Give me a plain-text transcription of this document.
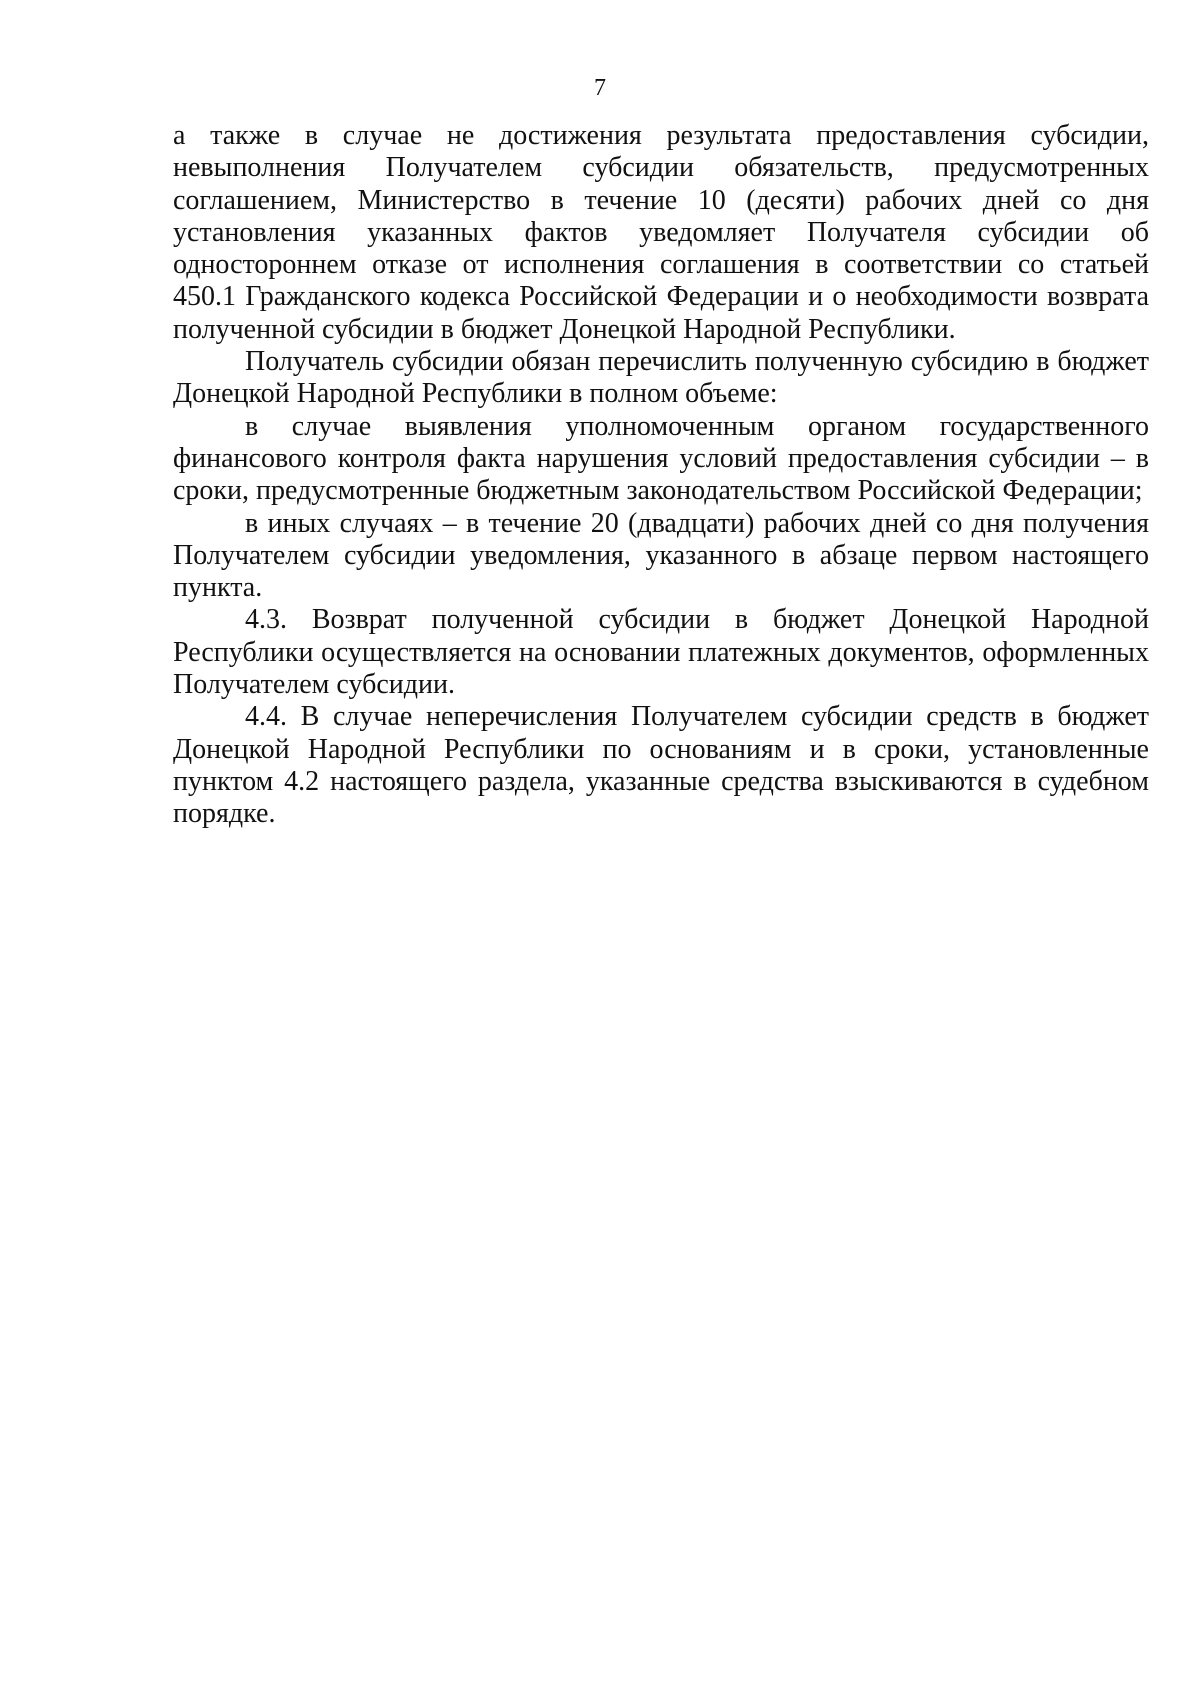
7

а также в случае не достижения результата предоставления субсидии, невыполнения Получателем субсидии обязательств, предусмотренных соглашением, Министерство в течение 10 (десяти) рабочих дней со дня установления указанных фактов уведомляет Получателя субсидии об одностороннем отказе от исполнения соглашения в соответствии со статьей 450.1 Гражданского кодекса Российской Федерации и о необходимости возврата полученной субсидии в бюджет Донецкой Народной Республики.

Получатель субсидии обязан перечислить полученную субсидию в бюджет Донецкой Народной Республики в полном объеме:

в случае выявления уполномоченным органом государственного финансового контроля факта нарушения условий предоставления субсидии – в сроки, предусмотренные бюджетным законодательством Российской Федерации;

в иных случаях – в течение 20 (двадцати) рабочих дней со дня получения Получателем субсидии уведомления, указанного в абзаце первом настоящего пункта.

4.3. Возврат полученной субсидии в бюджет Донецкой Народной Республики осуществляется на основании платежных документов, оформленных Получателем субсидии.

4.4. В случае неперечисления Получателем субсидии средств в бюджет Донецкой Народной Республики по основаниям и в сроки, установленные пунктом 4.2 настоящего раздела, указанные средства взыскиваются в судебном порядке.
